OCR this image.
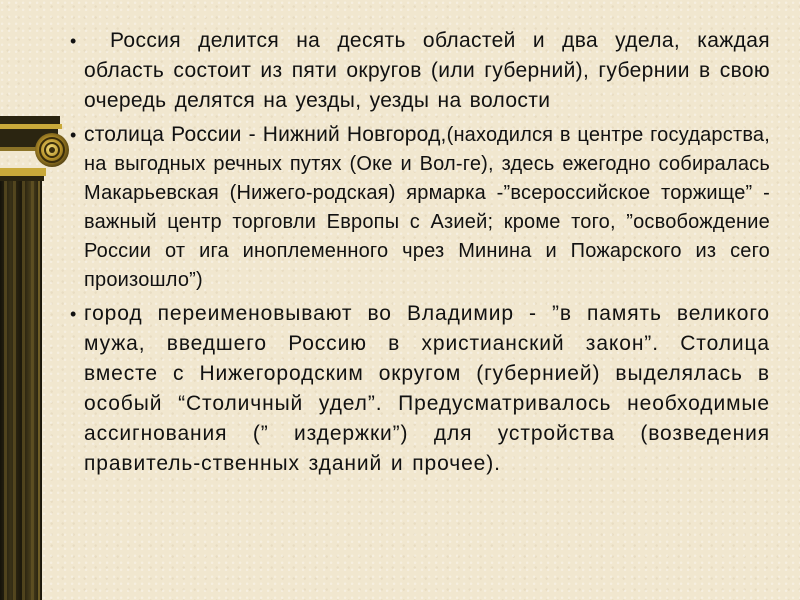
•	Россия делится на десять областей и два удела, каждая область состоит из пяти округов (или губерний), губернии в свою очередь делятся на уезды, уезды на волости
• столица России - Нижний Новгород,(находился в центре государства, на выгодных речных путях (Оке и Вол-ге), здесь ежегодно собиралась Макарьевская (Нижего-родская) ярмарка -”всероссийское торжище” - важный центр торговли Европы с Азией; кроме того, ”освобождение России от ига иноплеменного чрез Минина и Пожарского из сего произошло”)
• город переименовывают во Владимир - ”в память великого мужа, введшего Россию в христианский закон”. Столица вместе с Нижегородским округом (губернией) выделялась в особый “Столичный удел”. Предусматривалось необходимые ассигнования (” издержки”) для устройства (возведения правитель-ственных зданий и прочее).
